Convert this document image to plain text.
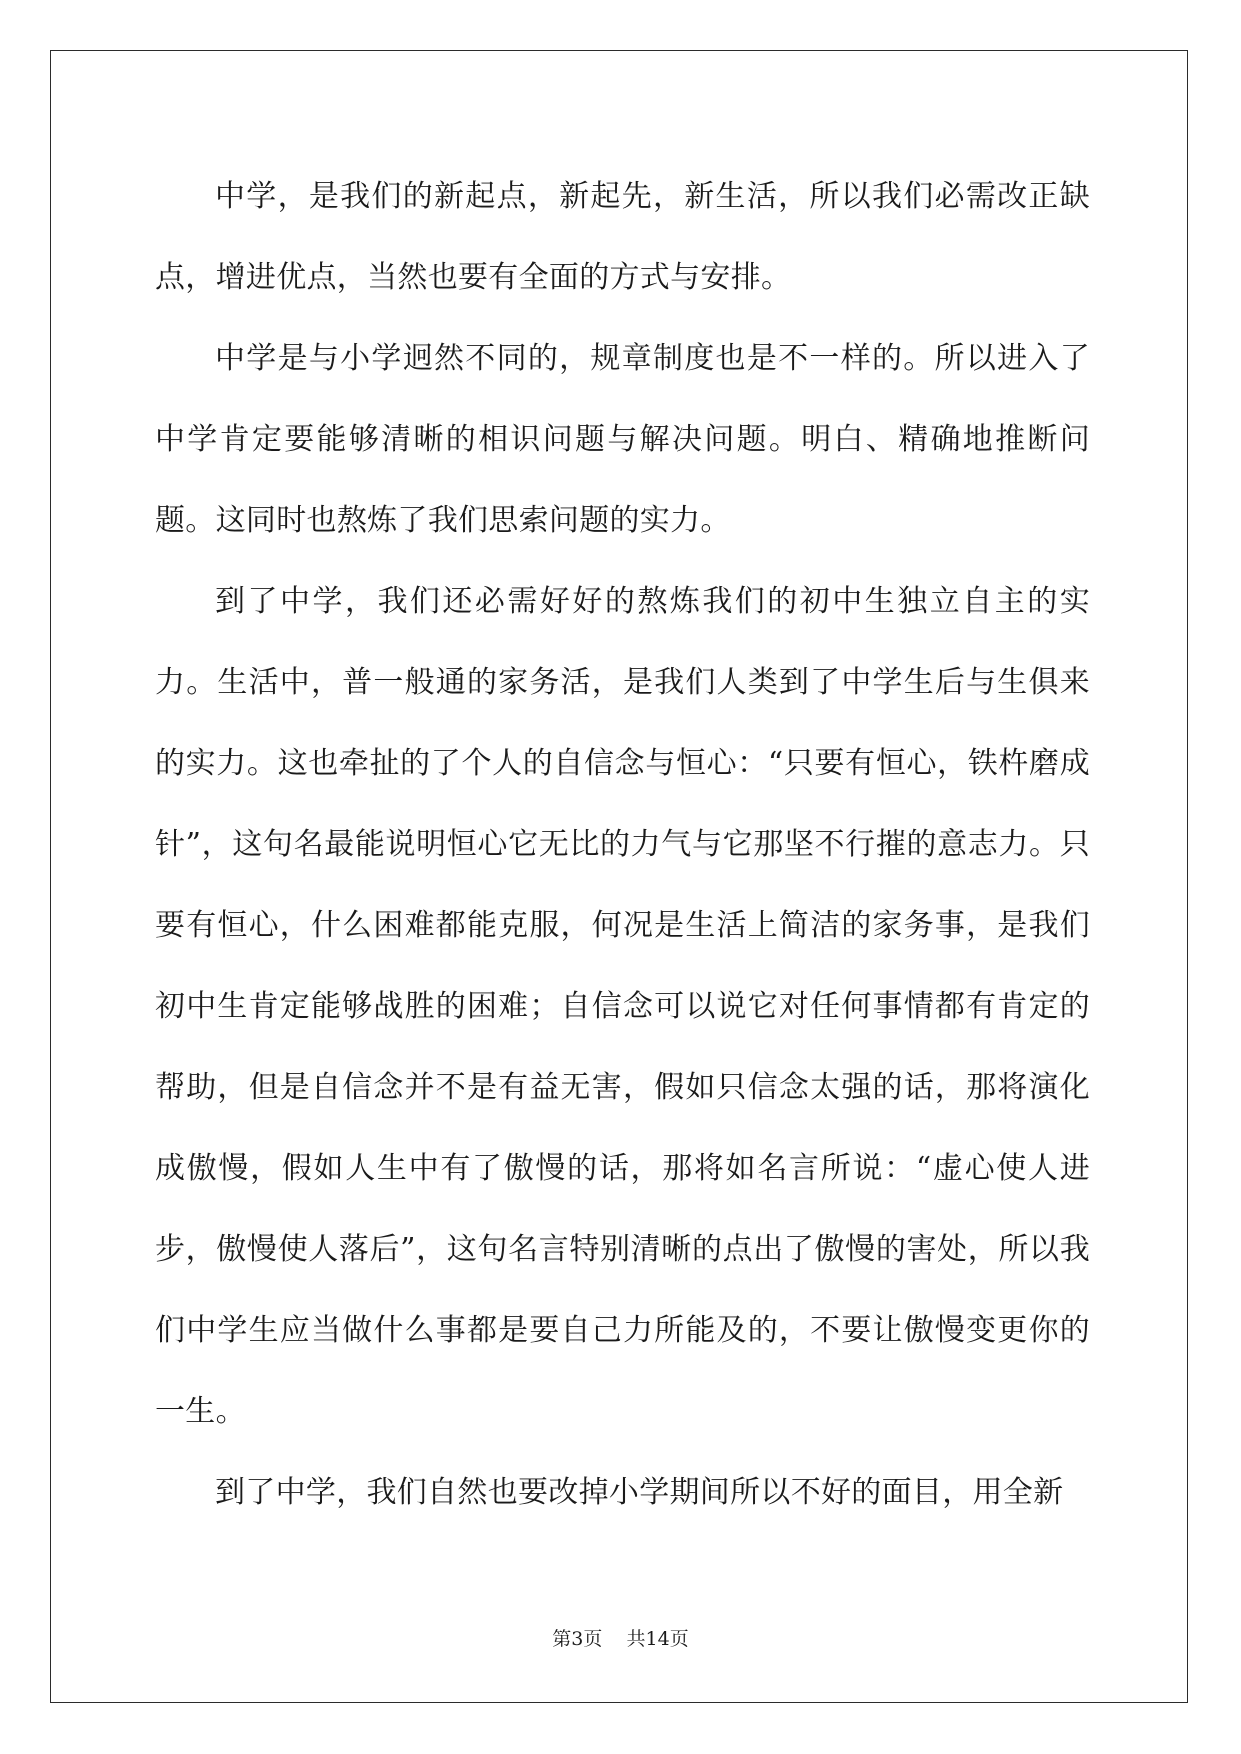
中学，是我们的新起点，新起先，新生活，所以我们必需改正缺点，增进优点，当然也要有全面的方式与安排。

中学是与小学迥然不同的，规章制度也是不一样的。所以进入了中学肯定要能够清晰的相识问题与解决问题。明白、精确地推断问题。这同时也熬炼了我们思索问题的实力。

到了中学，我们还必需好好的熬炼我们的初中生独立自主的实力。生活中，普一般通的家务活，是我们人类到了中学生后与生俱来的实力。这也牵扯的了个人的自信念与恒心：“只要有恒心，铁杵磨成针”，这句名最能说明恒心它无比的力气与它那坚不行摧的意志力。只要有恒心，什么困难都能克服，何况是生活上简洁的家务事，是我们初中生肯定能够战胜的困难；自信念可以说它对任何事情都有肯定的帮助，但是自信念并不是有益无害，假如只信念太强的话，那将演化成傲慢，假如人生中有了傲慢的话，那将如名言所说：“虚心使人进步，傲慢使人落后”，这句名言特别清晰的点出了傲慢的害处，所以我们中学生应当做什么事都是要自己力所能及的，不要让傲慢变更你的一生。

到了中学，我们自然也要改掉小学期间所以不好的面目，用全新

第3页 共14页
